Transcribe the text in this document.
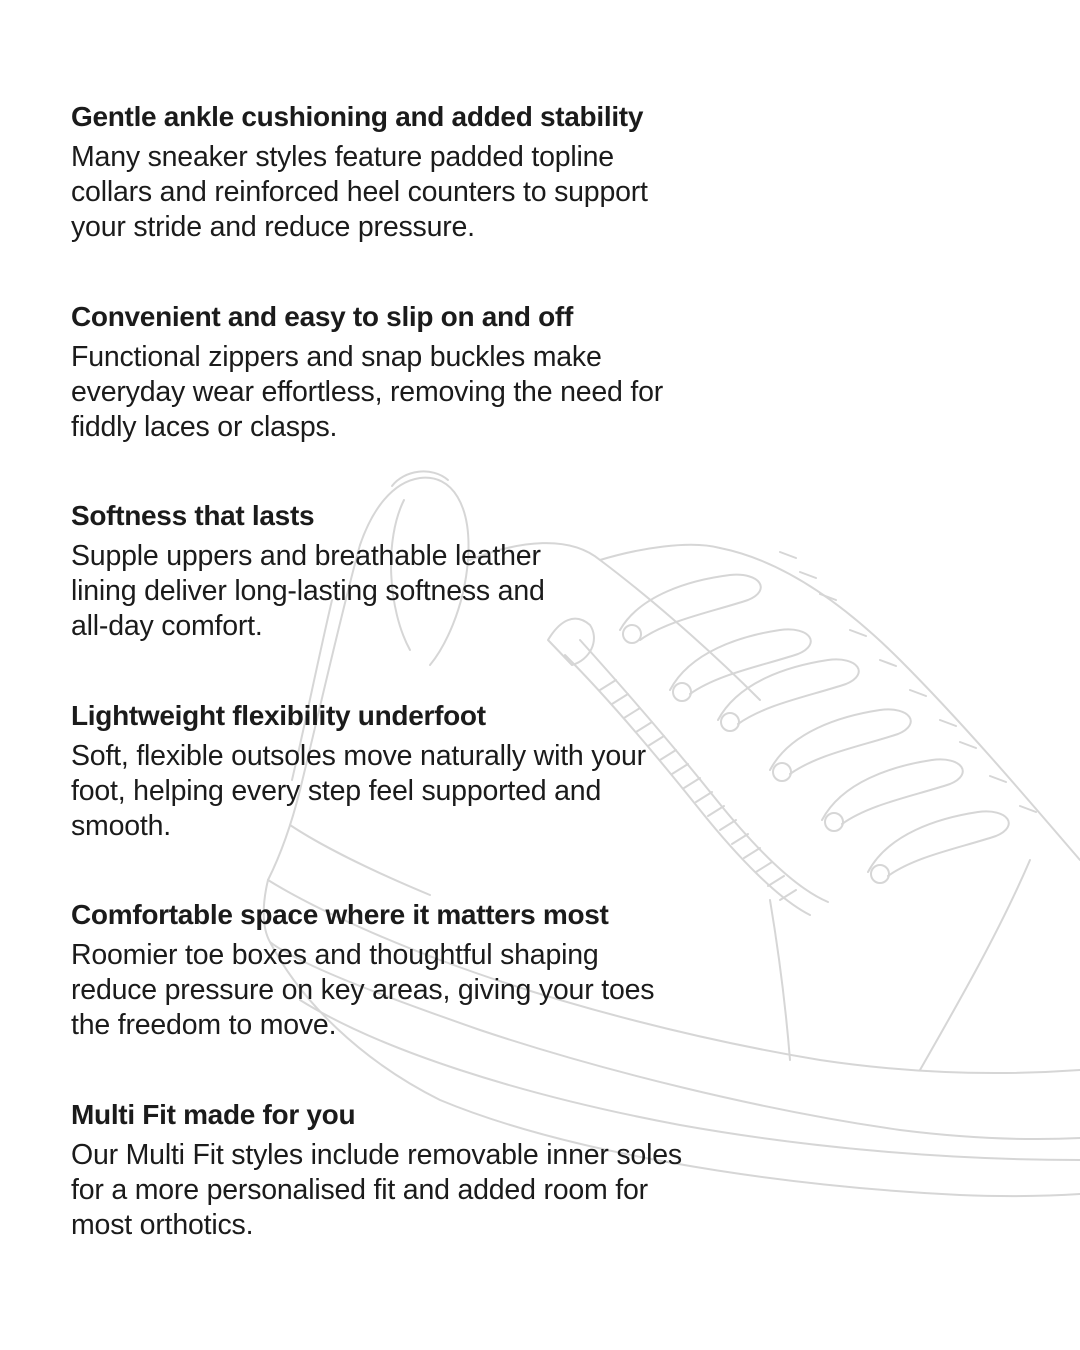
Gentle ankle cushioning and added stability

Many sneaker styles feature padded topline
collars and reinforced heel counters to support
your stride and reduce pressure.

Convenient and easy to slip on and off

Functional zippers and snap buckles make
everyday wear effortless, removing the need for
fiddly laces or clasps.

Softness that lasts

Supple uppers and breathable leather
lining deliver long-lasting softness and
all-day comfort.

Lightweight flexibility underfoot

Soft, flexible outsoles move naturally with your
foot, helping every step feel supported and
smooth.

Comfortable space where it matters most

Roomier toe boxes and thoughtful shaping
reduce pressure on key areas, giving your toes
the freedom to move.

Multi Fit made for you

Our Multi Fit styles include removable inner soles
for a more personalised fit and added room for
most orthotics.
